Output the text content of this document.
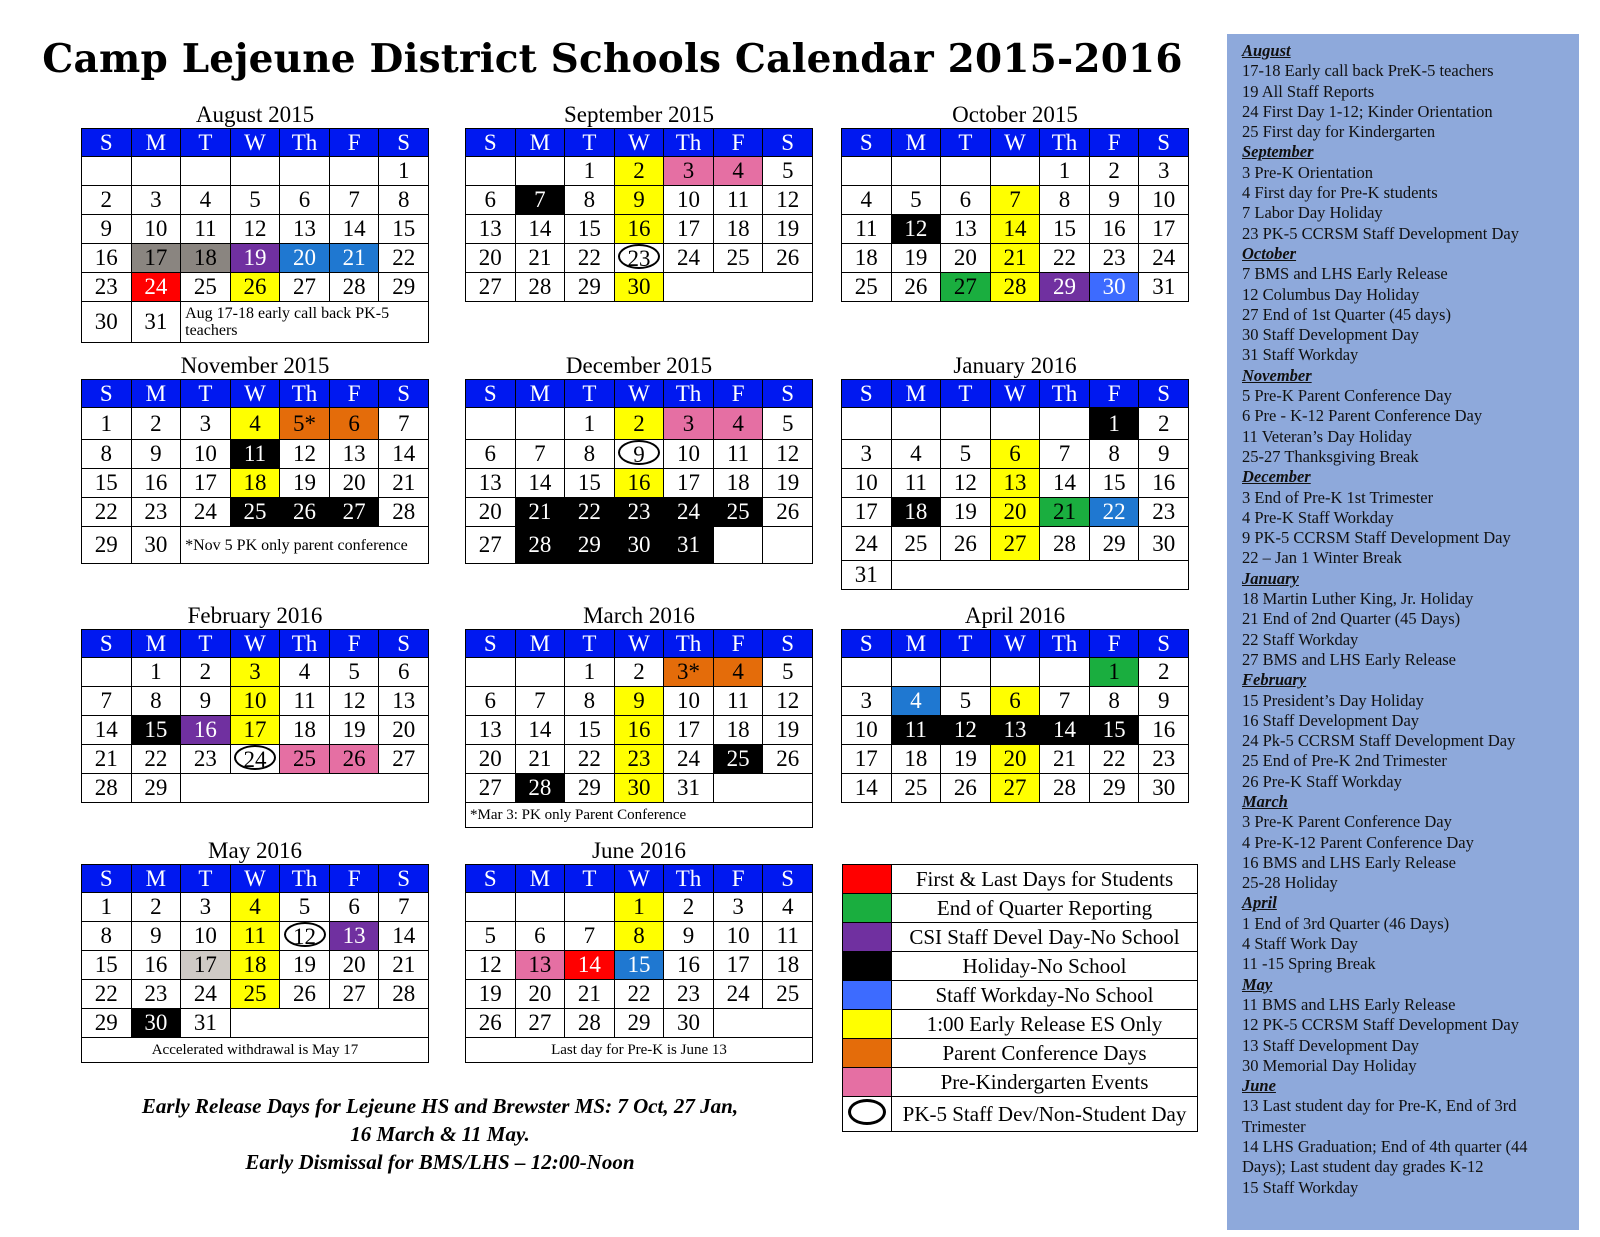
Camp Lejeune District Schools Calendar 2015-2016
August 2015
S	M	T	W	Th	F	S
						1
2	3	4	5	6	7	8
9	10	11	12	13	14	15
16	17	18	19	20	21	22
23	24	25	26	27	28	29
30	31	Aug 17-18 early call back PK-5 teachers				
September 2015
S	M	T	W	Th	F	S
		1	2	3	4	5
6	7	8	9	10	11	12
13	14	15	16	17	18	19
20	21	22	23	24	25	26
27	28	29	30			
October 2015
S	M	T	W	Th	F	S
				1	2	3
4	5	6	7	8	9	10
11	12	13	14	15	16	17
18	19	20	21	22	23	24
25	26	27	28	29	30	31
November 2015
S	M	T	W	Th	F	S
1	2	3	4	5*	6	7
8	9	10	11	12	13	14
15	16	17	18	19	20	21
22	23	24	25	26	27	28
29	30	*Nov 5 PK only parent conference				
December 2015
S	M	T	W	Th	F	S
		1	2	3	4	5
6	7	8	9	10	11	12
13	14	15	16	17	18	19
20	21	22	23	24	25	26
27	28	29	30	31		
January 2016
S	M	T	W	Th	F	S
					1	2
3	4	5	6	7	8	9
10	11	12	13	14	15	16
17	18	19	20	21	22	23
24	25	26	27	28	29	30
31						
February 2016
S	M	T	W	Th	F	S
	1	2	3	4	5	6
7	8	9	10	11	12	13
14	15	16	17	18	19	20
21	22	23	24	25	26	27
28	29					
March 2016
S	M	T	W	Th	F	S
		1	2	3*	4	5
6	7	8	9	10	11	12
13	14	15	16	17	18	19
20	21	22	23	24	25	26
27	28	29	30	31		
*Mar 3: PK only Parent Conference						
April 2016
S	M	T	W	Th	F	S
					1	2
3	4	5	6	7	8	9
10	11	12	13	14	15	16
17	18	19	20	21	22	23
14	25	26	27	28	29	30
May 2016
S	M	T	W	Th	F	S
1	2	3	4	5	6	7
8	9	10	11	12	13	14
15	16	17	18	19	20	21
22	23	24	25	26	27	28
29	30	31				
Accelerated withdrawal is May 17						
June 2016
S	M	T	W	Th	F	S
			1	2	3	4
5	6	7	8	9	10	11
12	13	14	15	16	17	18
19	20	21	22	23	24	25
26	27	28	29	30		
Last day for Pre-K is June 13						
	First & Last Days for Students
	End of Quarter Reporting
	CSI Staff Devel Day-No School
	Holiday-No School
	Staff Workday-No School
	1:00 Early Release ES Only
	Parent Conference Days
	Pre-Kindergarten Events
	PK-5 Staff Dev/Non-Student Day
Early Release Days for Lejeune HS and Brewster MS: 7 Oct, 27 Jan,
16 March & 11 May.
Early Dismissal for BMS/LHS – 12:00-Noon
August
17-18 Early call back PreK-5 teachers
19 All Staff Reports
24 First Day 1-12; Kinder Orientation
25 First day for Kindergarten
September
3 Pre-K Orientation
4 First day for Pre-K students
7 Labor Day Holiday
23 PK-5 CCRSM Staff Development Day
October
7 BMS and LHS Early Release
12 Columbus Day Holiday
27 End of 1st Quarter (45 days)
30 Staff Development Day
31 Staff Workday
November
5 Pre-K Parent Conference Day
6 Pre - K-12 Parent Conference Day
11 Veteran’s Day Holiday
25-27 Thanksgiving Break
December
3 End of Pre-K 1st Trimester
4 Pre-K Staff Workday
9 PK-5 CCRSM Staff Development Day
22 – Jan 1 Winter Break
January
18 Martin Luther King, Jr. Holiday
21 End of 2nd Quarter (45 Days)
22 Staff Workday
27 BMS and LHS Early Release
February
15 President’s Day Holiday
16 Staff Development Day
24 Pk-5 CCRSM Staff Development Day
25 End of Pre-K 2nd Trimester
26 Pre-K Staff Workday
March
3 Pre-K Parent Conference Day
4 Pre-K-12 Parent Conference Day
16 BMS and LHS Early Release
25-28 Holiday
April
1 End of 3rd Quarter (46 Days)
4 Staff Work Day
11 -15 Spring Break
May
11 BMS and LHS Early Release
12 PK-5 CCRSM Staff Development Day
13 Staff Development Day
30 Memorial Day Holiday
June
13 Last student day for Pre-K, End of 3rd Trimester
14 LHS Graduation; End of 4th quarter (44 Days); Last student day grades K-12
15 Staff Workday
